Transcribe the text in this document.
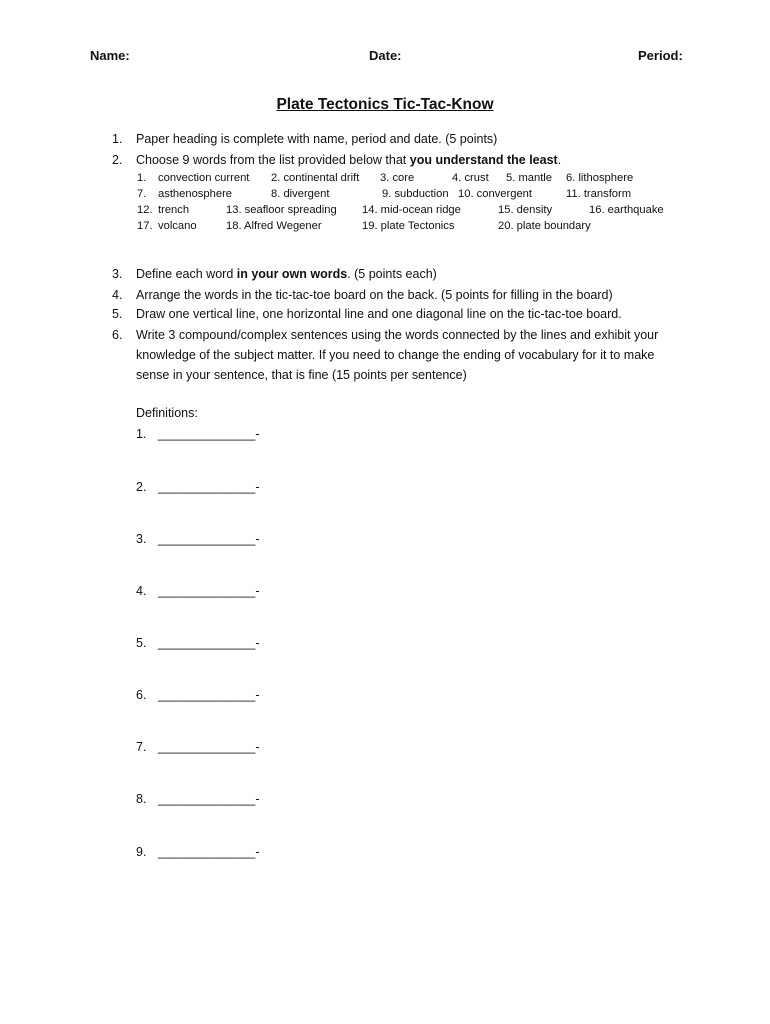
Name:	Date:	Period:
Plate Tectonics Tic-Tac-Know
1. Paper heading is complete with name, period and date. (5 points)
2. Choose 9 words from the list provided below that you understand the least.
1. convection current 2. continental drift 3. core	4. crust 5. mantle 6. lithosphere
7. asthenosphere	8. divergent	9. subduction 10. convergent	11. transform
12. trench	13. seafloor spreading 14. mid-ocean ridge	15. density	16. earthquake
17. volcano	18. Alfred Wegener	19. plate Tectonics	20. plate boundary
3. Define each word in your own words. (5 points each)
4. Arrange the words in the tic-tac-toe board on the back. (5 points for filling in the board)
5. Draw one vertical line, one horizontal line and one diagonal line on the tic-tac-toe board.
6. Write 3 compound/complex sentences using the words connected by the lines and exhibit your
knowledge of the subject matter. If you need to change the ending of vocabulary for it to make
sense in your sentence, that is fine (15 points per sentence)
Definitions:
1. ______________-
2. ______________-
3. ______________-
4. ______________-
5. ______________-
6. ______________-
7. ______________-
8. ______________-
9. ______________-
